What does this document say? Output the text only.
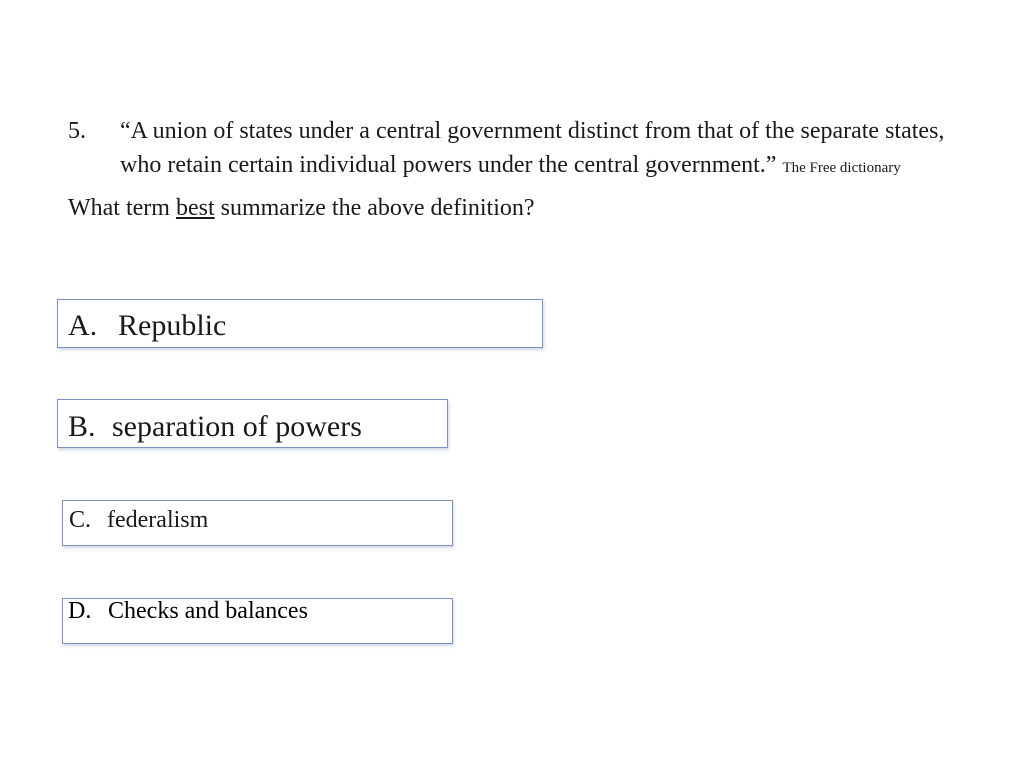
5.	“A union of states under a central government distinct from that of the separate states, who retain certain individual powers under the central government.” The Free dictionary
What term best summarize the above definition?
A. Republic
B. separation of powers
C. federalism
D. Checks and balances
